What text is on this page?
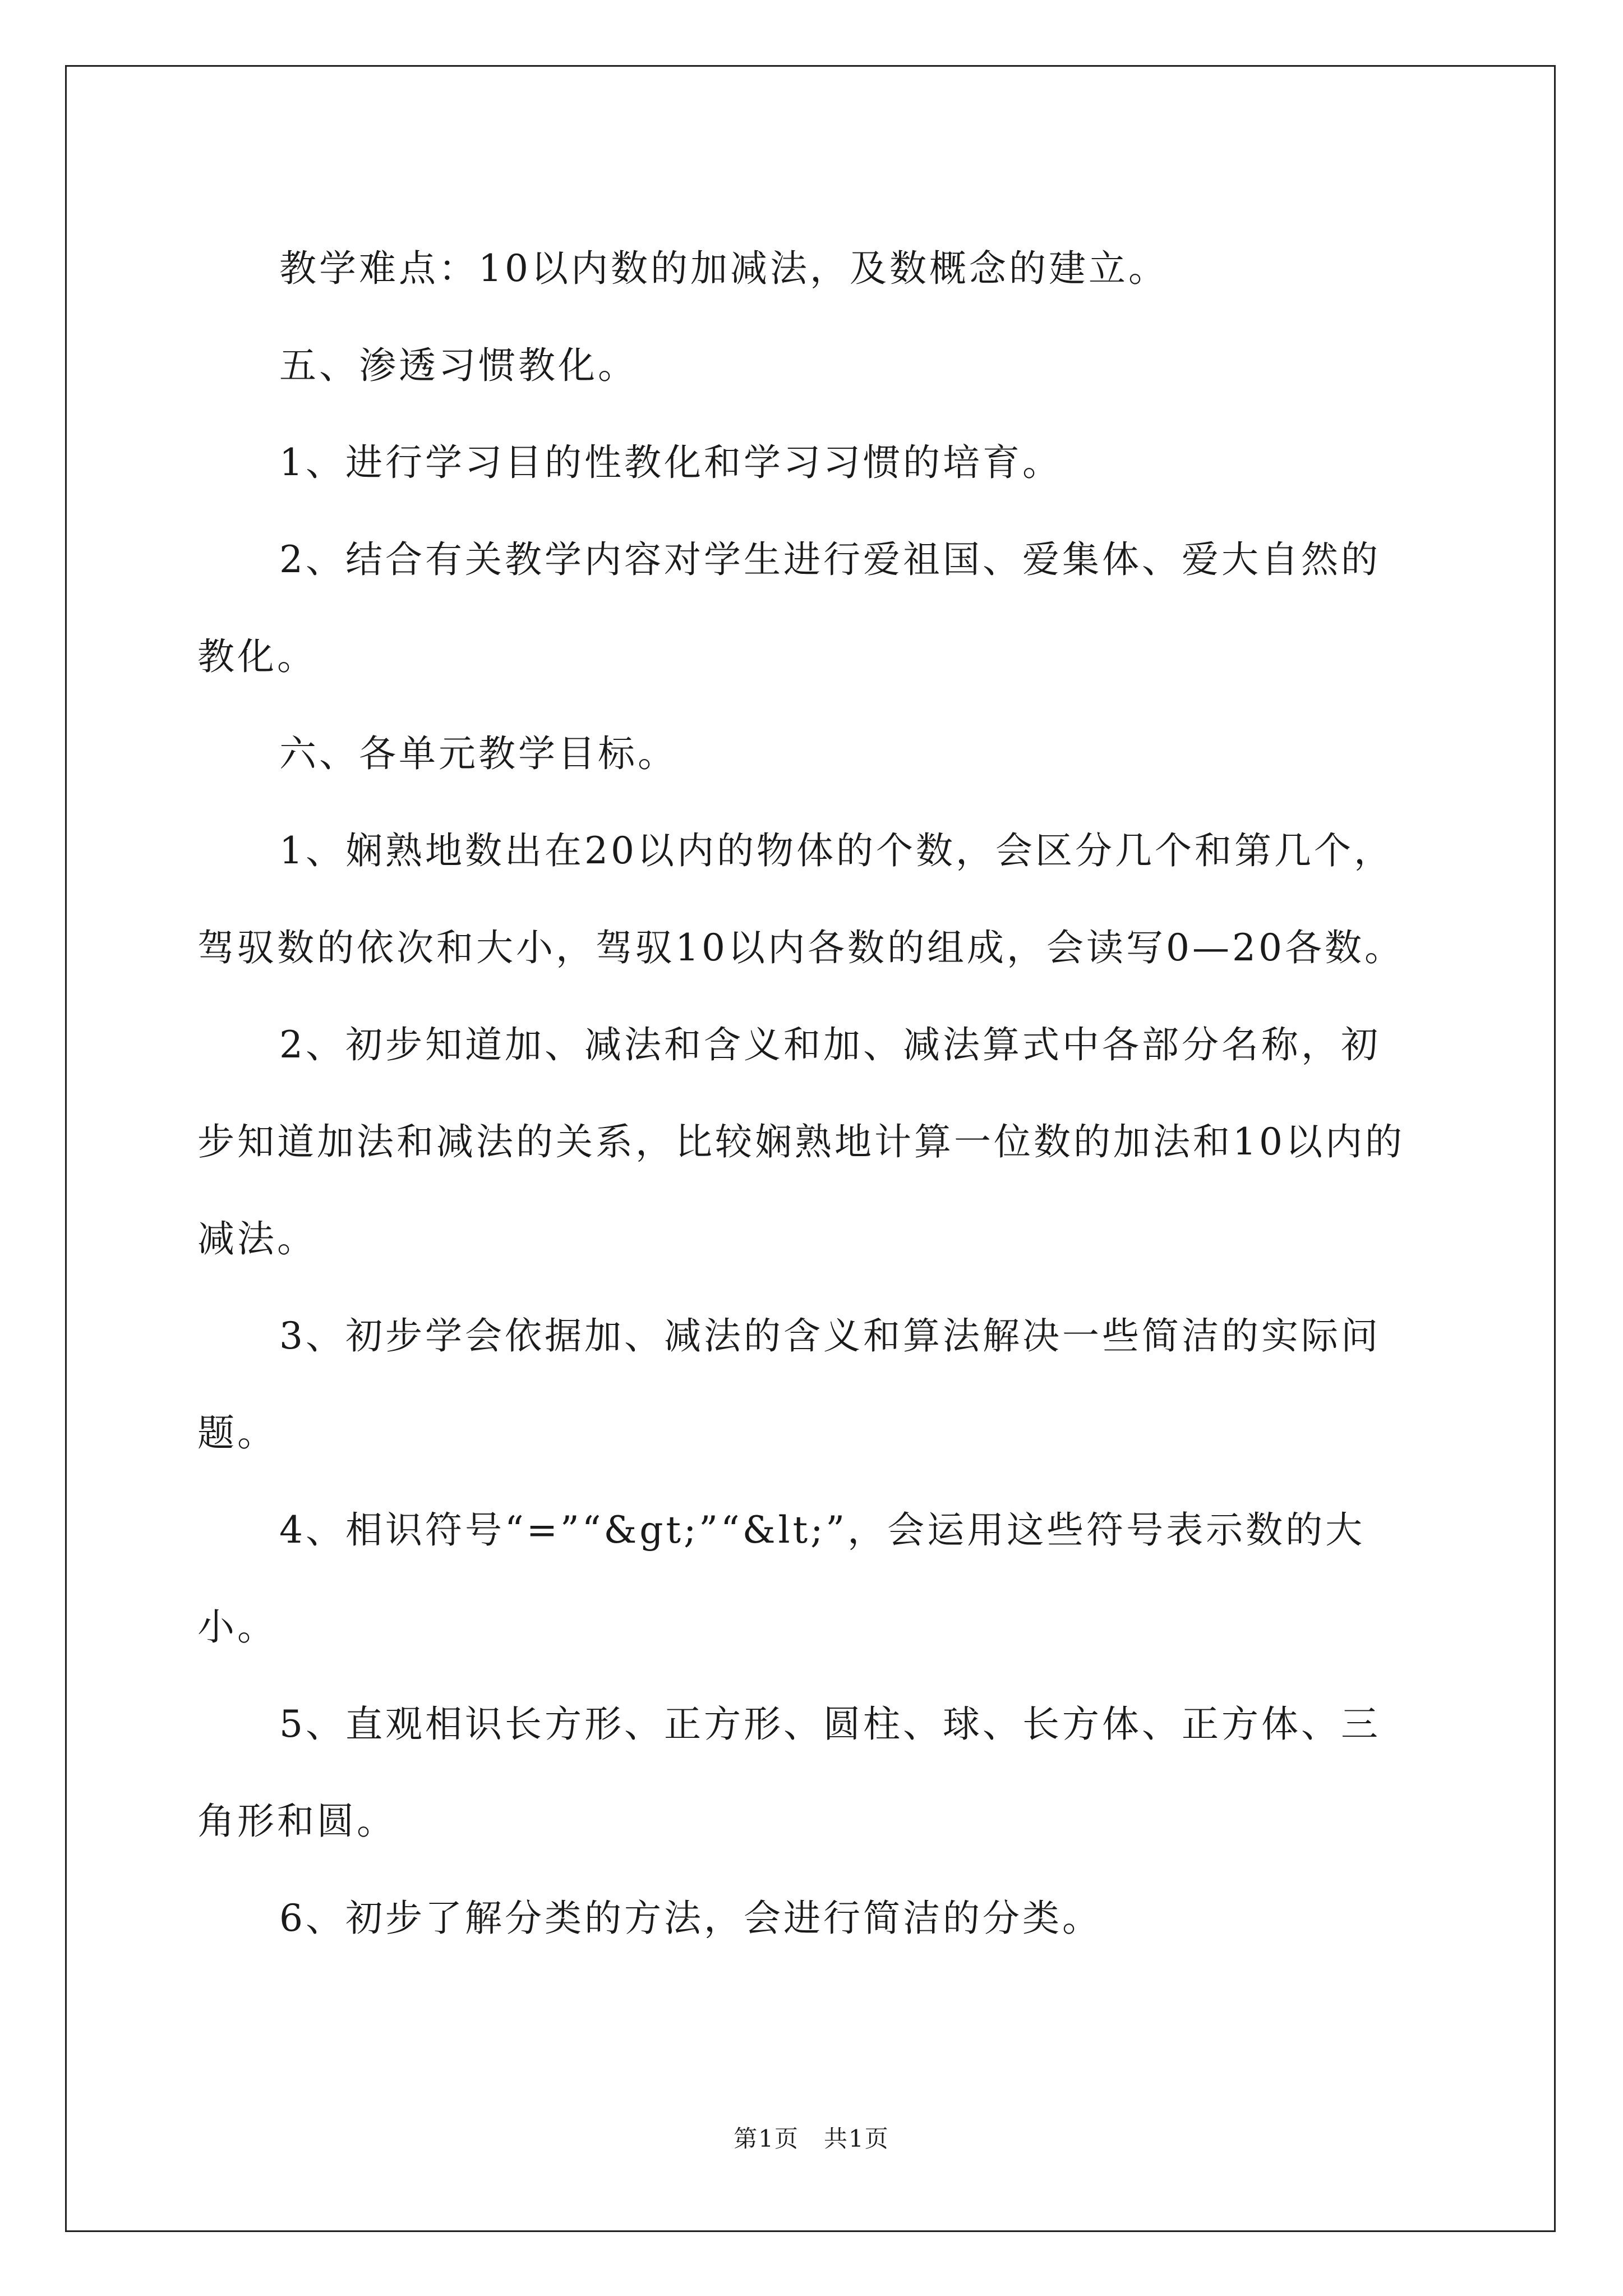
教学难点：10以内数的加减法，及数概念的建立。

五、渗透习惯教化。

1、进行学习目的性教化和学习习惯的培育。

2、结合有关教学内容对学生进行爱祖国、爱集体、爱大自然的教化。

六、各单元教学目标。

1、娴熟地数出在20以内的物体的个数，会区分几个和第几个，驾驭数的依次和大小，驾驭10以内各数的组成，会读写0—20各数。

2、初步知道加、减法和含义和加、减法算式中各部分名称，初步知道加法和减法的关系，比较娴熟地计算一位数的加法和10以内的减法。

3、初步学会依据加、减法的含义和算法解决一些简洁的实际问题。

4、相识符号“=”“&gt;”“&lt;”，会运用这些符号表示数的大小。

5、直观相识长方形、正方形、圆柱、球、长方体、正方体、三角形和圆。

6、初步了解分类的方法，会进行简洁的分类。

第1页　共1页
